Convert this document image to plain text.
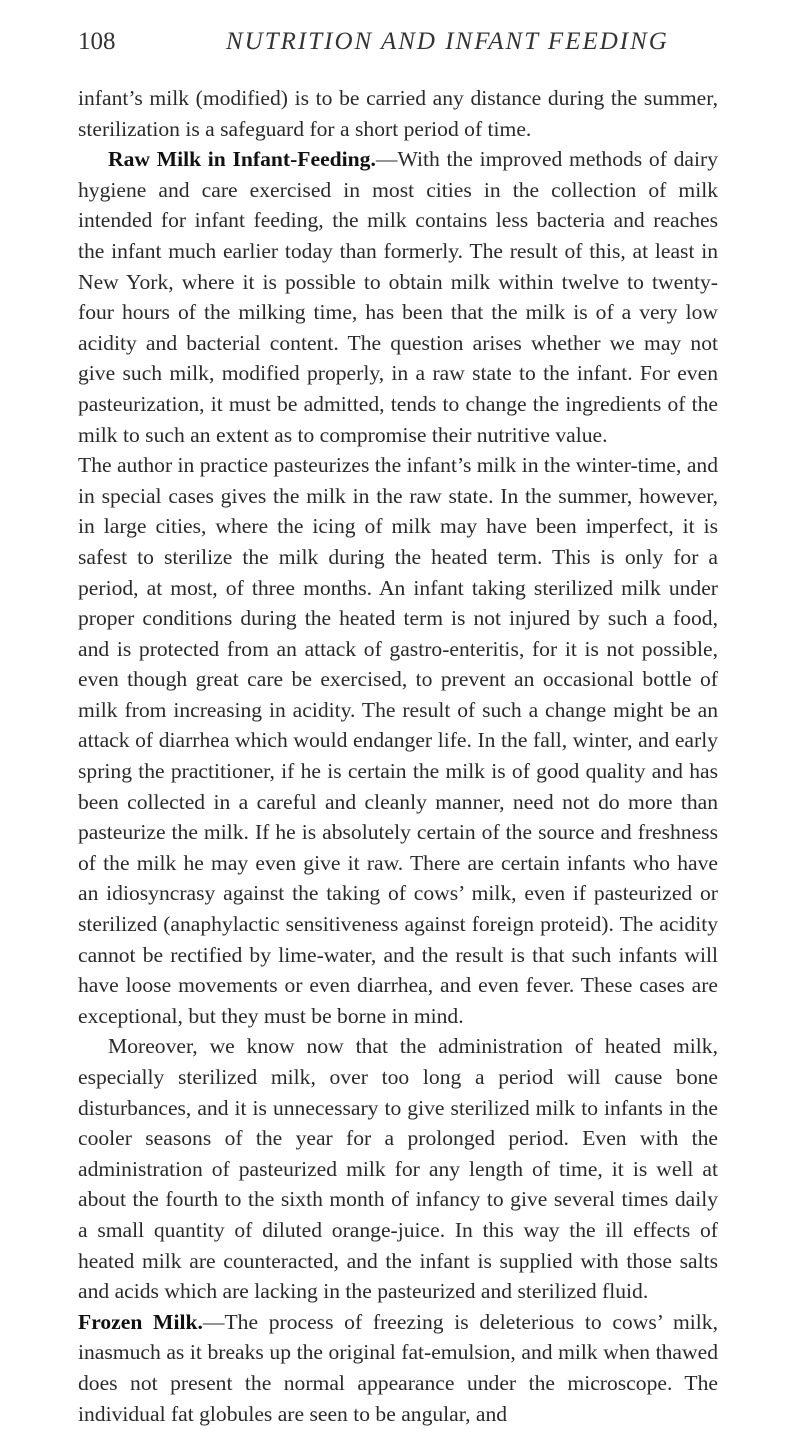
108	NUTRITION AND INFANT FEEDING

infant’s milk (modified) is to be carried any distance during the summer, sterilization is a safeguard for a short period of time.

Raw Milk in Infant-Feeding.—With the improved methods of dairy hygiene and care exercised in most cities in the collection of milk intended for infant feeding, the milk contains less bacteria and reaches the infant much earlier today than formerly. The result of this, at least in New York, where it is possible to obtain milk within twelve to twenty-four hours of the milking time, has been that the milk is of a very low acidity and bacterial content. The question arises whether we may not give such milk, modified properly, in a raw state to the infant. For even pasteurization, it must be admitted, tends to change the ingredients of the milk to such an extent as to compromise their nutritive value.

The author in practice pasteurizes the infant’s milk in the winter-time, and in special cases gives the milk in the raw state. In the summer, however, in large cities, where the icing of milk may have been imperfect, it is safest to sterilize the milk during the heated term. This is only for a period, at most, of three months. An infant taking sterilized milk under proper conditions during the heated term is not injured by such a food, and is protected from an attack of gastro-enteritis, for it is not possible, even though great care be exercised, to prevent an occasional bottle of milk from increasing in acidity. The result of such a change might be an attack of diarrhea which would endanger life. In the fall, winter, and early spring the practitioner, if he is certain the milk is of good quality and has been collected in a careful and cleanly manner, need not do more than pasteurize the milk. If he is absolutely certain of the source and freshness of the milk he may even give it raw. There are certain infants who have an idiosyncrasy against the taking of cows’ milk, even if pasteurized or sterilized (anaphylactic sensitiveness against foreign proteid). The acidity cannot be rectified by lime-water, and the result is that such infants will have loose movements or even diarrhea, and even fever. These cases are exceptional, but they must be borne in mind.

Moreover, we know now that the administration of heated milk, especially sterilized milk, over too long a period will cause bone disturbances, and it is unnecessary to give sterilized milk to infants in the cooler seasons of the year for a prolonged period. Even with the administration of pasteurized milk for any length of time, it is well at about the fourth to the sixth month of infancy to give several times daily a small quantity of diluted orange-juice. In this way the ill effects of heated milk are counteracted, and the infant is supplied with those salts and acids which are lacking in the pasteurized and sterilized fluid.

Frozen Milk.—The process of freezing is deleterious to cows’ milk, inasmuch as it breaks up the original fat-emulsion, and milk when thawed does not present the normal appearance under the microscope. The individual fat globules are seen to be angular, and
